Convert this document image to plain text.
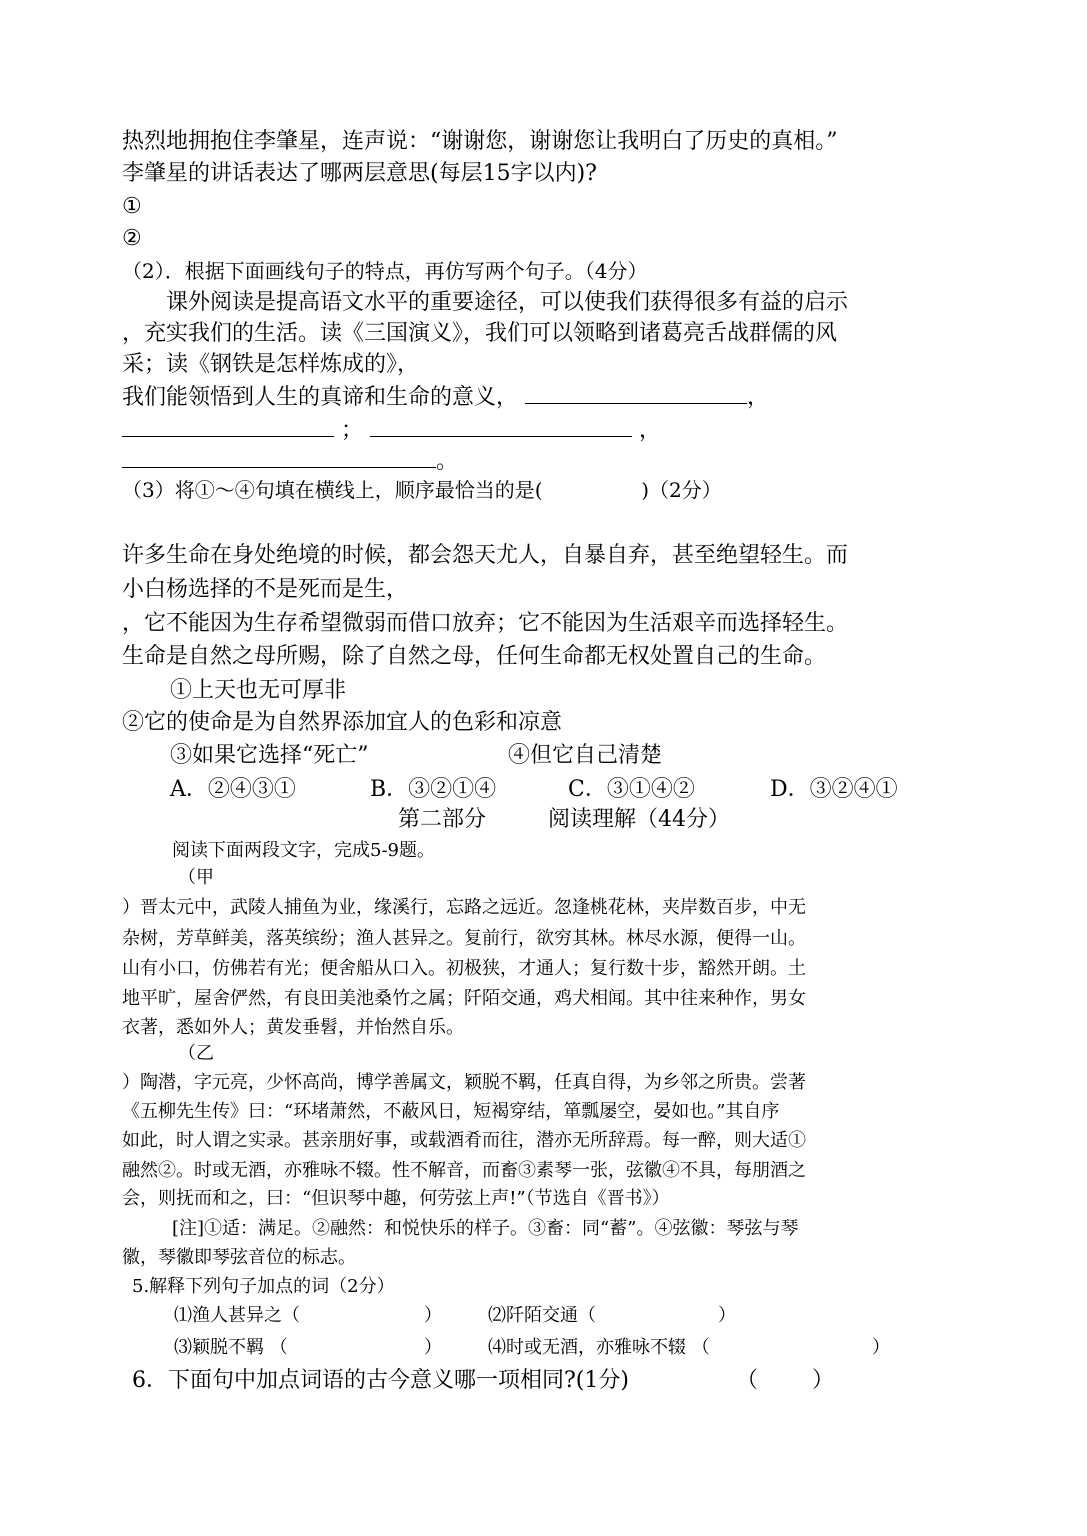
热烈地拥抱住李肇星，连声说：“谢谢您，谢谢您让我明白了历史的真相。”
李肇星的讲话表达了哪两层意思(每层15字以内)?
①
②
（2）．根据下面画线句子的特点，再仿写两个句子。（4分）
课外阅读是提高语文水平的重要途径，可以使我们获得很多有益的启示
，充实我们的生活。读《三国演义》，我们可以领略到诸葛亮舌战群儒的风
采；读《钢铁是怎样炼成的》，
我们能领悟到人生的真谛和生命的意义，	，
；	，
。
（3）将①～④句填在横线上，顺序最恰当的是(	)（2分）
许多生命在身处绝境的时候，都会怨天尤人，自暴自弃，甚至绝望轻生。而
小白杨选择的不是死而是生，
，它不能因为生存希望微弱而借口放弃；它不能因为生活艰辛而选择轻生。
生命是自然之母所赐，除了自然之母，任何生命都无权处置自己的生命。
①上天也无可厚非
②它的使命是为自然界添加宜人的色彩和凉意
③如果它选择“死亡”	④但它自己清楚
A．②④③①	B．③②①④	C．③①④②	D．③②④①
第二部分	阅读理解（44分）
阅读下面两段文字，完成5-9题。
（甲
）晋太元中，武陵人捕鱼为业，缘溪行，忘路之远近。忽逢桃花林，夹岸数百步，中无
杂树，芳草鲜美，落英缤纷；渔人甚异之。复前行，欲穷其林。林尽水源，便得一山。
山有小口，仿佛若有光；便舍船从口入。初极狭，才通人；复行数十步，豁然开朗。土
地平旷，屋舍俨然，有良田美池桑竹之属；阡陌交通，鸡犬相闻。其中往来种作，男女
衣著，悉如外人；黄发垂髫，并怡然自乐。
（乙
）陶潜，字元亮，少怀高尚，博学善属文，颖脱不羁，任真自得，为乡邻之所贵。尝著
《五柳先生传》曰：“环堵萧然，不蔽风日，短褐穿结，箪瓢屡空，晏如也。”其自序
如此，时人谓之实录。甚亲朋好事，或载酒肴而往，潜亦无所辞焉。每一醉，则大适①
融然②。时或无酒，亦雅咏不辍。性不解音，而畜③素琴一张，弦徽④不具，每朋酒之
会，则抚而和之，曰：“但识琴中趣，何劳弦上声!”（节选自《晋书》）
[注]①适：满足。②融然：和悦快乐的样子。③畜：同“蓄”。④弦徽：琴弦与琴
徽，琴徽即琴弦音位的标志。
5.解释下列句子加点的词（2分）
⑴渔人甚异之（	）	⑵阡陌交通（	）
⑶颖脱不羁 （	）	⑷时或无酒，亦雅咏不辍 （	）
6．下面句中加点词语的古今意义哪一项相同?(1分)	（ ）
